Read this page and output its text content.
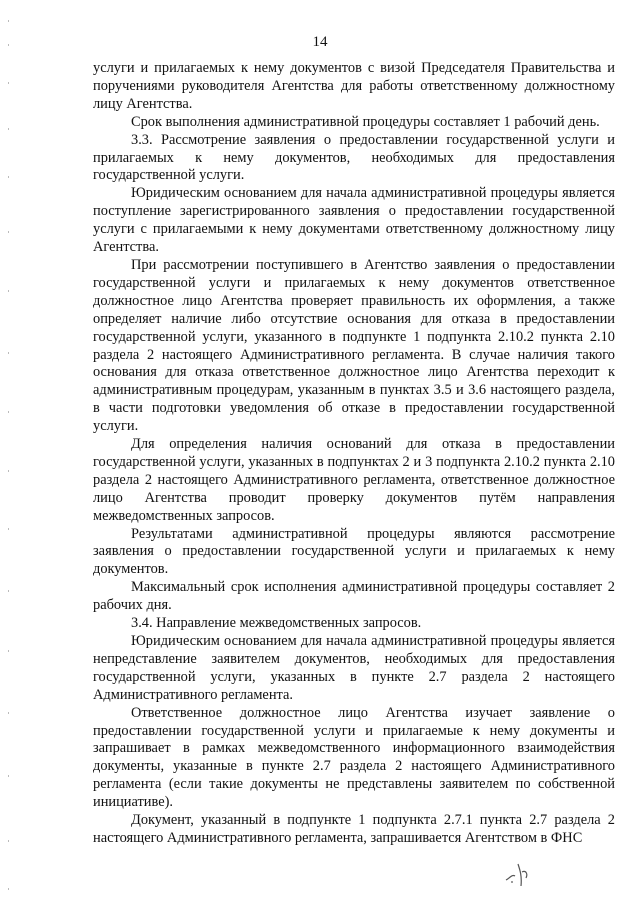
14

услуги и прилагаемых к нему документов с визой Председателя Правительства и поручениями руководителя Агентства для работы ответственному должностному лицу Агентства.

Срок выполнения административной процедуры составляет 1 рабочий день.

3.3. Рассмотрение заявления о предоставлении государственной услуги и прилагаемых к нему документов, необходимых для предоставления государственной услуги.

Юридическим основанием для начала административной процедуры является поступление зарегистрированного заявления о предоставлении государственной услуги с прилагаемыми к нему документами ответственному должностному лицу Агентства.

При рассмотрении поступившего в Агентство заявления о предоставлении государственной услуги и прилагаемых к нему документов ответственное должностное лицо Агентства проверяет правильность их оформления, а также определяет наличие либо отсутствие основания для отказа в предоставлении государственной услуги, указанного в подпункте 1 подпункта 2.10.2 пункта 2.10 раздела 2 настоящего Административного регламента. В случае наличия такого основания для отказа ответственное должностное лицо Агентства переходит к административным процедурам, указанным в пунктах 3.5 и 3.6 настоящего раздела, в части подготовки уведомления об отказе в предоставлении государственной услуги.

Для определения наличия оснований для отказа в предоставлении государственной услуги, указанных в подпунктах 2 и 3 подпункта 2.10.2 пункта 2.10 раздела 2 настоящего Административного регламента, ответственное должностное лицо Агентства проводит проверку документов путём направления межведомственных запросов.

Результатами административной процедуры являются рассмотрение заявления о предоставлении государственной услуги и прилагаемых к нему документов.

Максимальный срок исполнения административной процедуры составляет 2 рабочих дня.

3.4. Направление межведомственных запросов.

Юридическим основанием для начала административной процедуры является непредставление заявителем документов, необходимых для предоставления государственной услуги, указанных в пункте 2.7 раздела 2 настоящего Административного регламента.

Ответственное должностное лицо Агентства изучает заявление о предоставлении государственной услуги и прилагаемые к нему документы и запрашивает в рамках межведомственного информационного взаимодействия документы, указанные в пункте 2.7 раздела 2 настоящего Административного регламента (если такие документы не представлены заявителем по собственной инициативе).

Документ, указанный в подпункте 1 подпункта 2.7.1 пункта 2.7 раздела 2 настоящего Административного регламента, запрашивается Агентством в ФНС
